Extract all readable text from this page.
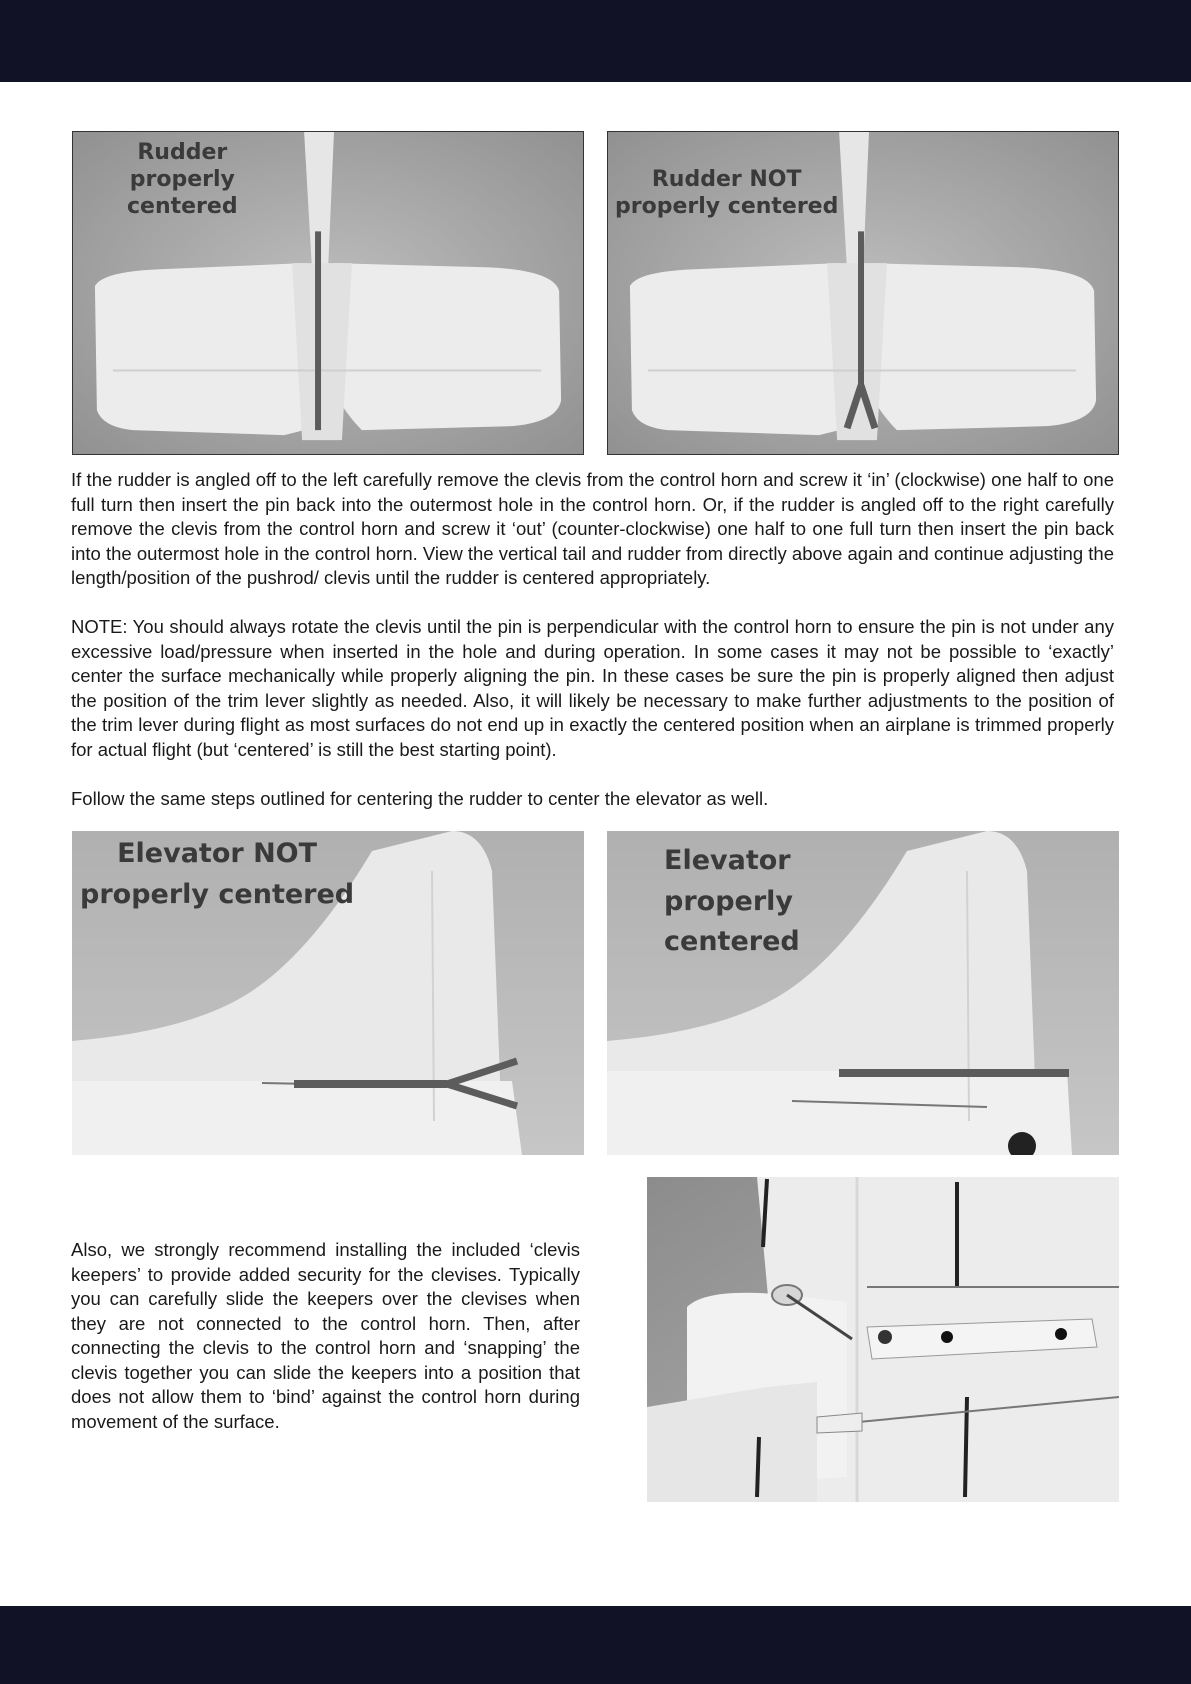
Rudder
properly
centered
Rudder NOT
properly centered

If the rudder is angled off to the left carefully remove the clevis from the control horn and screw it ‘in’ (clockwise) one half to one full turn then insert the pin back into the outermost hole in the control horn. Or, if the rudder is angled off to the right carefully remove the clevis from the control horn and screw it ‘out’ (counter-clockwise) one half to one full turn then insert the pin back into the outermost hole in the control horn. View the vertical tail and rudder from directly above again and continue adjusting the length/position of the pushrod/ clevis until the rudder is centered appropriately.

NOTE: You should always rotate the clevis until the pin is perpendicular with the control horn to ensure the pin is not under any excessive load/pressure when inserted in the hole and during operation. In some cases it may not be possible to ‘exactly’ center the surface mechanically while properly aligning the pin. In these cases be sure the pin is properly aligned then adjust the position of the trim lever slightly as needed. Also, it will likely be necessary to make further adjustments to the position of the trim lever during flight as most surfaces do not end up in exactly the centered position when an airplane is trimmed properly for actual flight (but ‘centered’ is still the best starting point).

Follow the same steps outlined for centering the rudder to center the elevator as well.

Elevator NOT
properly centered
Elevator
properly
centered

Also, we strongly recommend installing the included ‘clevis keepers’ to provide added security for the clevises. Typically you can carefully slide the keepers over the clevises when they are not connected to the control horn. Then, after connecting the clevis to the control horn and ‘snapping’ the clevis together you can slide the keepers into a position that does not allow them to ‘bind’ against the control horn during movement of the surface.
